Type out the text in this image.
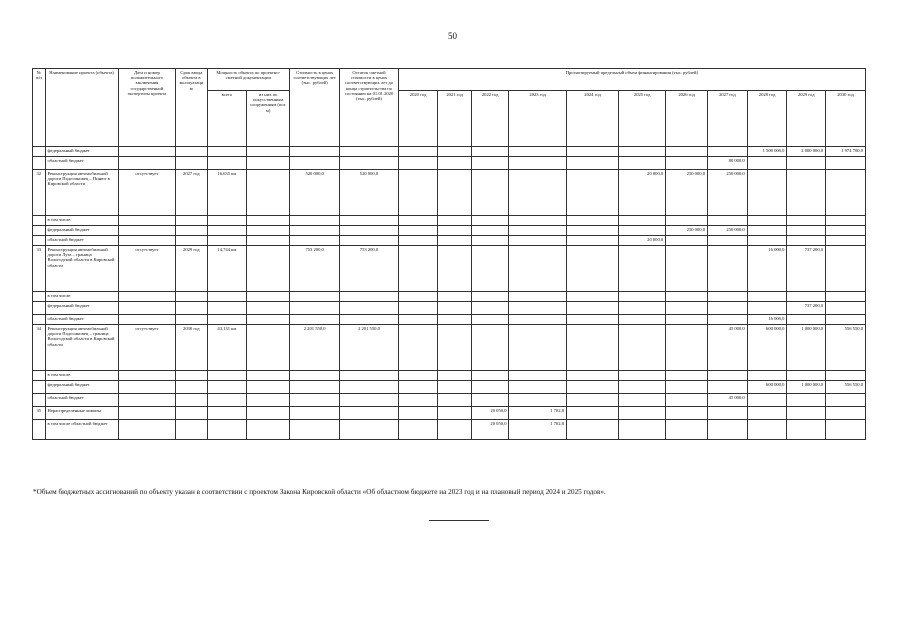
50
№ п/п	Наименование проекта (объекта)	Дата и номер положительного заключения государственной экспертизы проекта	Срок ввода объекта в эксплуатацию	Мощность объекта по проектно-сметной документации		Стоимость в ценах соответствующих лет (тыс. рублей)	Остаток сметной стоимости в ценах соответствующих лет до конца строительства по состоянию на 01.01.2020 (тыс. рублей)	Прогнозируемый предельный объем финансирования (тыс. рублей)										
				всего	из них по искусственным сооружениям (пог. м)			2020 год	2021 год	2022 год	2023 год	2024 год	2025 год	2026 год	2027 год	2028 год	2029 год	2030 год
	федеральный бюджет															1 500 000,0	2 000 000,0	1 974 700,0
	областной бюджет														80 000,0			
32	Реконструкция автомобильной дороги Подосиновец – Пинюг в Кировской области	отсутствует	2027 год	16,635 км		520 000,0	520 000,0						20 000,0	250 000,0	250 000,0			
	в том числе:																	
	федеральный бюджет													250 000,0	250 000,0			
	областной бюджет												20 000,0					
33	Реконструкция автомобильной дороги Луза – граница Вологодской области в Кировской области	отсутствует	2029 год	14,744 км		753 200,0	753 200,0									16 000,0	737 200,0	
	в том числе:																	
	федеральный бюджет																737 200,0	
	областной бюджет															16 000,0		
34	Реконструкция автомобильной дороги Подосиновец – граница Вологодской области в Кировской области	отсутствует	2030 год	43,131 км		2 201 550,0	2 201 550,0								45 000,0	600 000,0	1 000 000,0	556 550,0
	в том числе:																	
	федеральный бюджет															600 000,0	1 000 000,0	556 550,0
	областной бюджет														45 000,0			
35	Нераспределенные лимиты									20 050,0	1 702,8							
	в том числе областной бюджет									20 050,0	1 702,8							
*Объем бюджетных ассигнований по объекту указан в соответствии с проектом Закона Кировской области «Об областном бюджете на 2023 год и на плановый период 2024 и 2025 годов».
